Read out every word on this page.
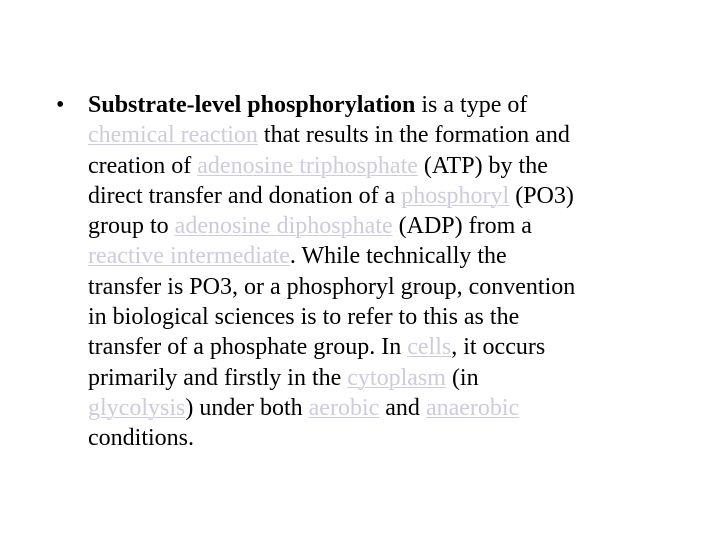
• Substrate-level phosphorylation is a type of
chemical reaction that results in the formation and
creation of adenosine triphosphate (ATP) by the
direct transfer and donation of a phosphoryl (PO3)
group to adenosine diphosphate (ADP) from a
reactive intermediate. While technically the
transfer is PO3, or a phosphoryl group, convention
in biological sciences is to refer to this as the
transfer of a phosphate group. In cells, it occurs
primarily and firstly in the cytoplasm (in
glycolysis) under both aerobic and anaerobic
conditions.
